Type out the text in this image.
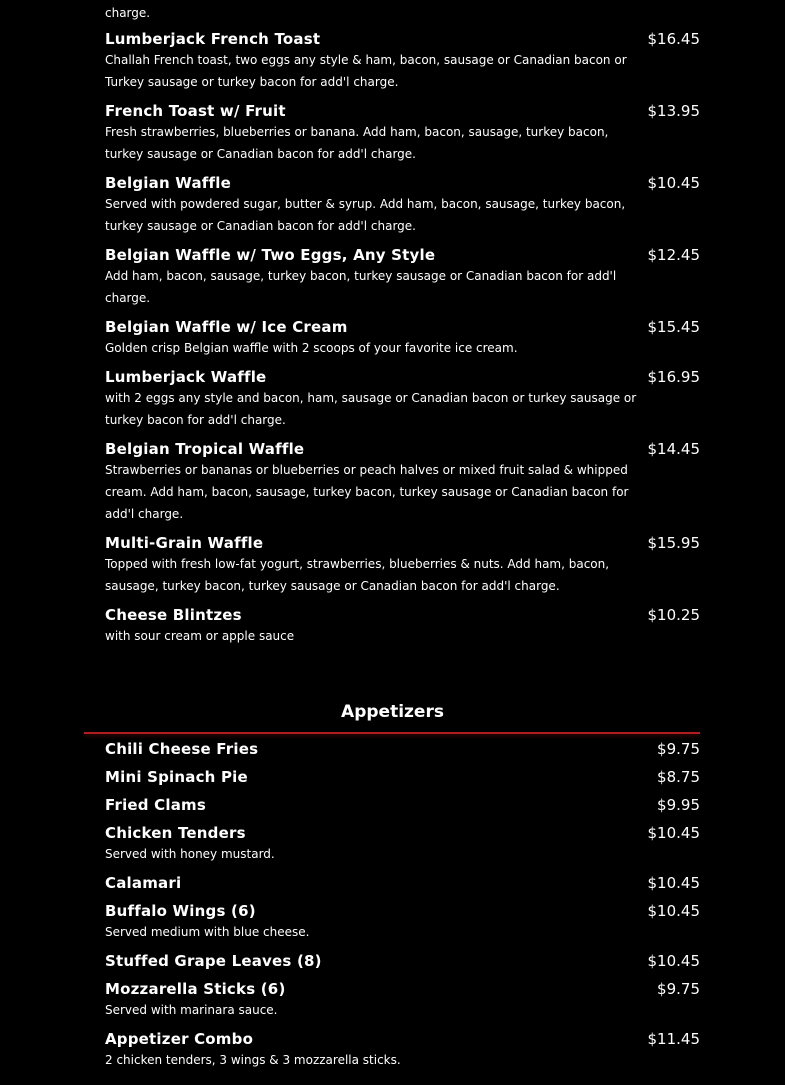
charge.
Lumberjack French Toast	$16.45
Challah French toast, two eggs any style & ham, bacon, sausage or Canadian bacon or Turkey sausage or turkey bacon for add'l charge.
French Toast w/ Fruit	$13.95
Fresh strawberries, blueberries or banana. Add ham, bacon, sausage, turkey bacon, turkey sausage or Canadian bacon for add'l charge.
Belgian Waffle	$10.45
Served with powdered sugar, butter & syrup. Add ham, bacon, sausage, turkey bacon, turkey sausage or Canadian bacon for add'l charge.
Belgian Waffle w/ Two Eggs, Any Style	$12.45
Add ham, bacon, sausage, turkey bacon, turkey sausage or Canadian bacon for add'l charge.
Belgian Waffle w/ Ice Cream	$15.45
Golden crisp Belgian waffle with 2 scoops of your favorite ice cream.
Lumberjack Waffle	$16.95
with 2 eggs any style and bacon, ham, sausage or Canadian bacon or turkey sausage or turkey bacon for add'l charge.
Belgian Tropical Waffle	$14.45
Strawberries or bananas or blueberries or peach halves or mixed fruit salad & whipped cream. Add ham, bacon, sausage, turkey bacon, turkey sausage or Canadian bacon for add'l charge.
Multi-Grain Waffle	$15.95
Topped with fresh low-fat yogurt, strawberries, blueberries & nuts. Add ham, bacon, sausage, turkey bacon, turkey sausage or Canadian bacon for add'l charge.
Cheese Blintzes	$10.25
with sour cream or apple sauce
Appetizers
Chili Cheese Fries	$9.75
Mini Spinach Pie	$8.75
Fried Clams	$9.95
Chicken Tenders	$10.45
Served with honey mustard.
Calamari	$10.45
Buffalo Wings (6)	$10.45
Served medium with blue cheese.
Stuffed Grape Leaves (8)	$10.45
Mozzarella Sticks (6)	$9.75
Served with marinara sauce.
Appetizer Combo	$11.45
2 chicken tenders, 3 wings & 3 mozzarella sticks.
